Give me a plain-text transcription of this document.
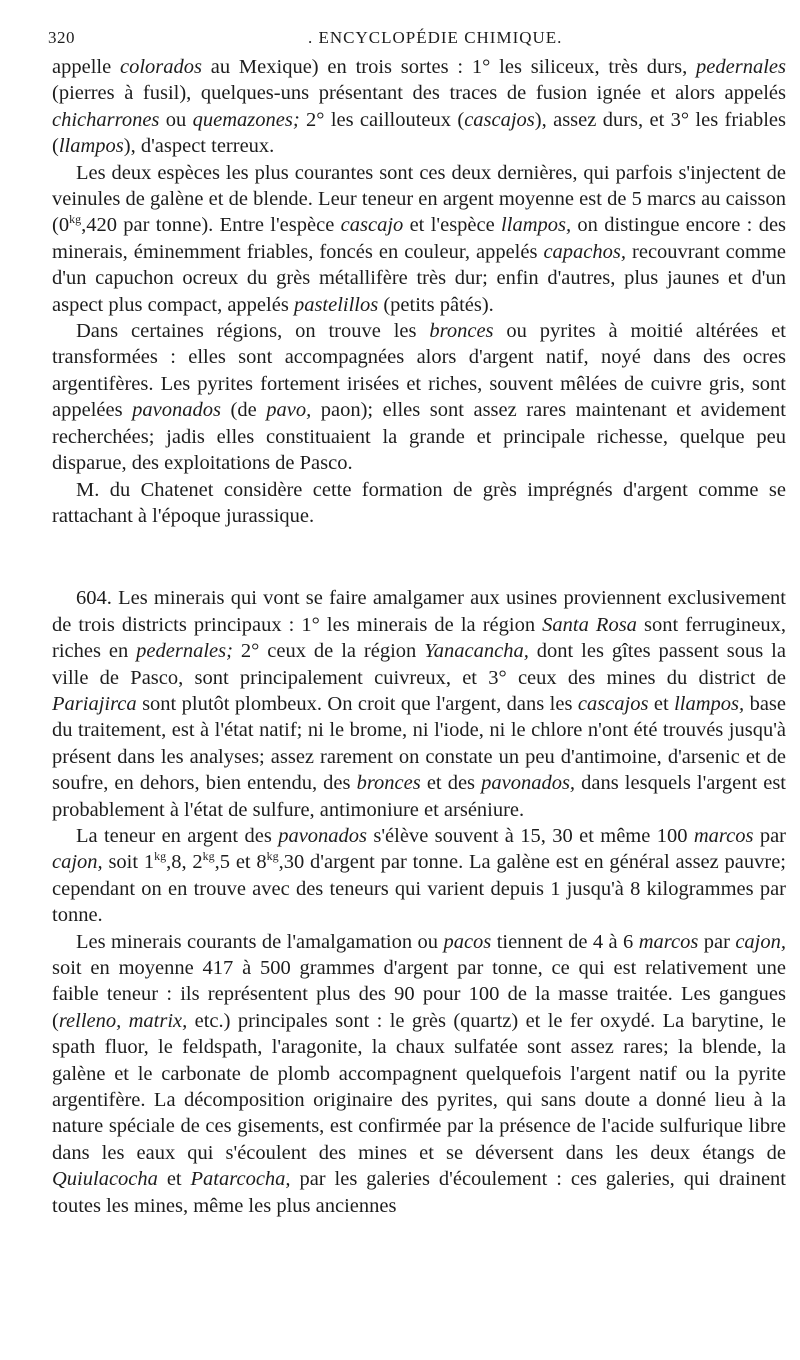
320	. ENCYCLOPÉDIE CHIMIQUE.

appelle colorados au Mexique) en trois sortes : 1° les siliceux, très durs, pedernales (pierres à fusil), quelques-uns présentant des traces de fusion ignée et alors appelés chicharrones ou quemazones; 2° les caillouteux (cascajos), assez durs, et 3° les friables (llampos), d'aspect terreux.

Les deux espèces les plus courantes sont ces deux dernières, qui parfois s'injectent de veinules de galène et de blende. Leur teneur en argent moyenne est de 5 marcs au caisson ($0^{kg},420$ par tonne). Entre l'espèce cascajo et l'espèce llampos, on distingue encore : des minerais, éminemment friables, foncés en couleur, appelés capachos, recouvrant comme d'un capuchon ocreux du grès métallifère très dur; enfin d'autres, plus jaunes et d'un aspect plus compact, appelés pastelillos (petits pâtés).

Dans certaines régions, on trouve les bronces ou pyrites à moitié altérées et transformées : elles sont accompagnées alors d'argent natif, noyé dans des ocres argentifères. Les pyrites fortement irisées et riches, souvent mêlées de cuivre gris, sont appelées pavonados (de pavo, paon); elles sont assez rares maintenant et avidement recherchées; jadis elles constituaient la grande et principale richesse, quelque peu disparue, des exploitations de Pasco.

M. du Chatenet considère cette formation de grès imprégnés d'argent comme se rattachant à l'époque jurassique.

604. Les minerais qui vont se faire amalgamer aux usines proviennent exclusivement de trois districts principaux : 1° les minerais de la région Santa Rosa sont ferrugineux, riches en pedernales; 2° ceux de la région Yanacancha, dont les gîtes passent sous la ville de Pasco, sont principalement cuivreux, et 3° ceux des mines du district de Pariajirca sont plutôt plombeux. On croit que l'argent, dans les cascajos et llampos, base du traitement, est à l'état natif; ni le brome, ni l'iode, ni le chlore n'ont été trouvés jusqu'à présent dans les analyses; assez rarement on constate un peu d'antimoine, d'arsenic et de soufre, en dehors, bien entendu, des bronces et des pavonados, dans lesquels l'argent est probablement à l'état de sulfure, antimoniure et arséniure.

La teneur en argent des pavonados s'élève souvent à 15, 30 et même 100 marcos par cajon, soit $1^{kg},8$, $2^{kg},5$ et $8^{kg},30$ d'argent par tonne. La galène est en général assez pauvre; cependant on en trouve avec des teneurs qui varient depuis 1 jusqu'à 8 kilogrammes par tonne.

Les minerais courants de l'amalgamation ou pacos tiennent de 4 à 6 marcos par cajon, soit en moyenne 417 à 500 grammes d'argent par tonne, ce qui est relativement une faible teneur : ils représentent plus des 90 pour 100 de la masse traitée. Les gangues (relleno, matrix, etc.) principales sont : le grès (quartz) et le fer oxydé. La barytine, le spath fluor, le feldspath, l'aragonite, la chaux sulfatée sont assez rares; la blende, la galène et le carbonate de plomb accompagnent quelquefois l'argent natif ou la pyrite argentifère. La décomposition originaire des pyrites, qui sans doute a donné lieu à la nature spéciale de ces gisements, est confirmée par la présence de l'acide sulfurique libre dans les eaux qui s'écoulent des mines et se déversent dans les deux étangs de Quiulacocha et Patarcocha, par les galeries d'écoulement : ces galeries, qui drainent toutes les mines, même les plus anciennes
